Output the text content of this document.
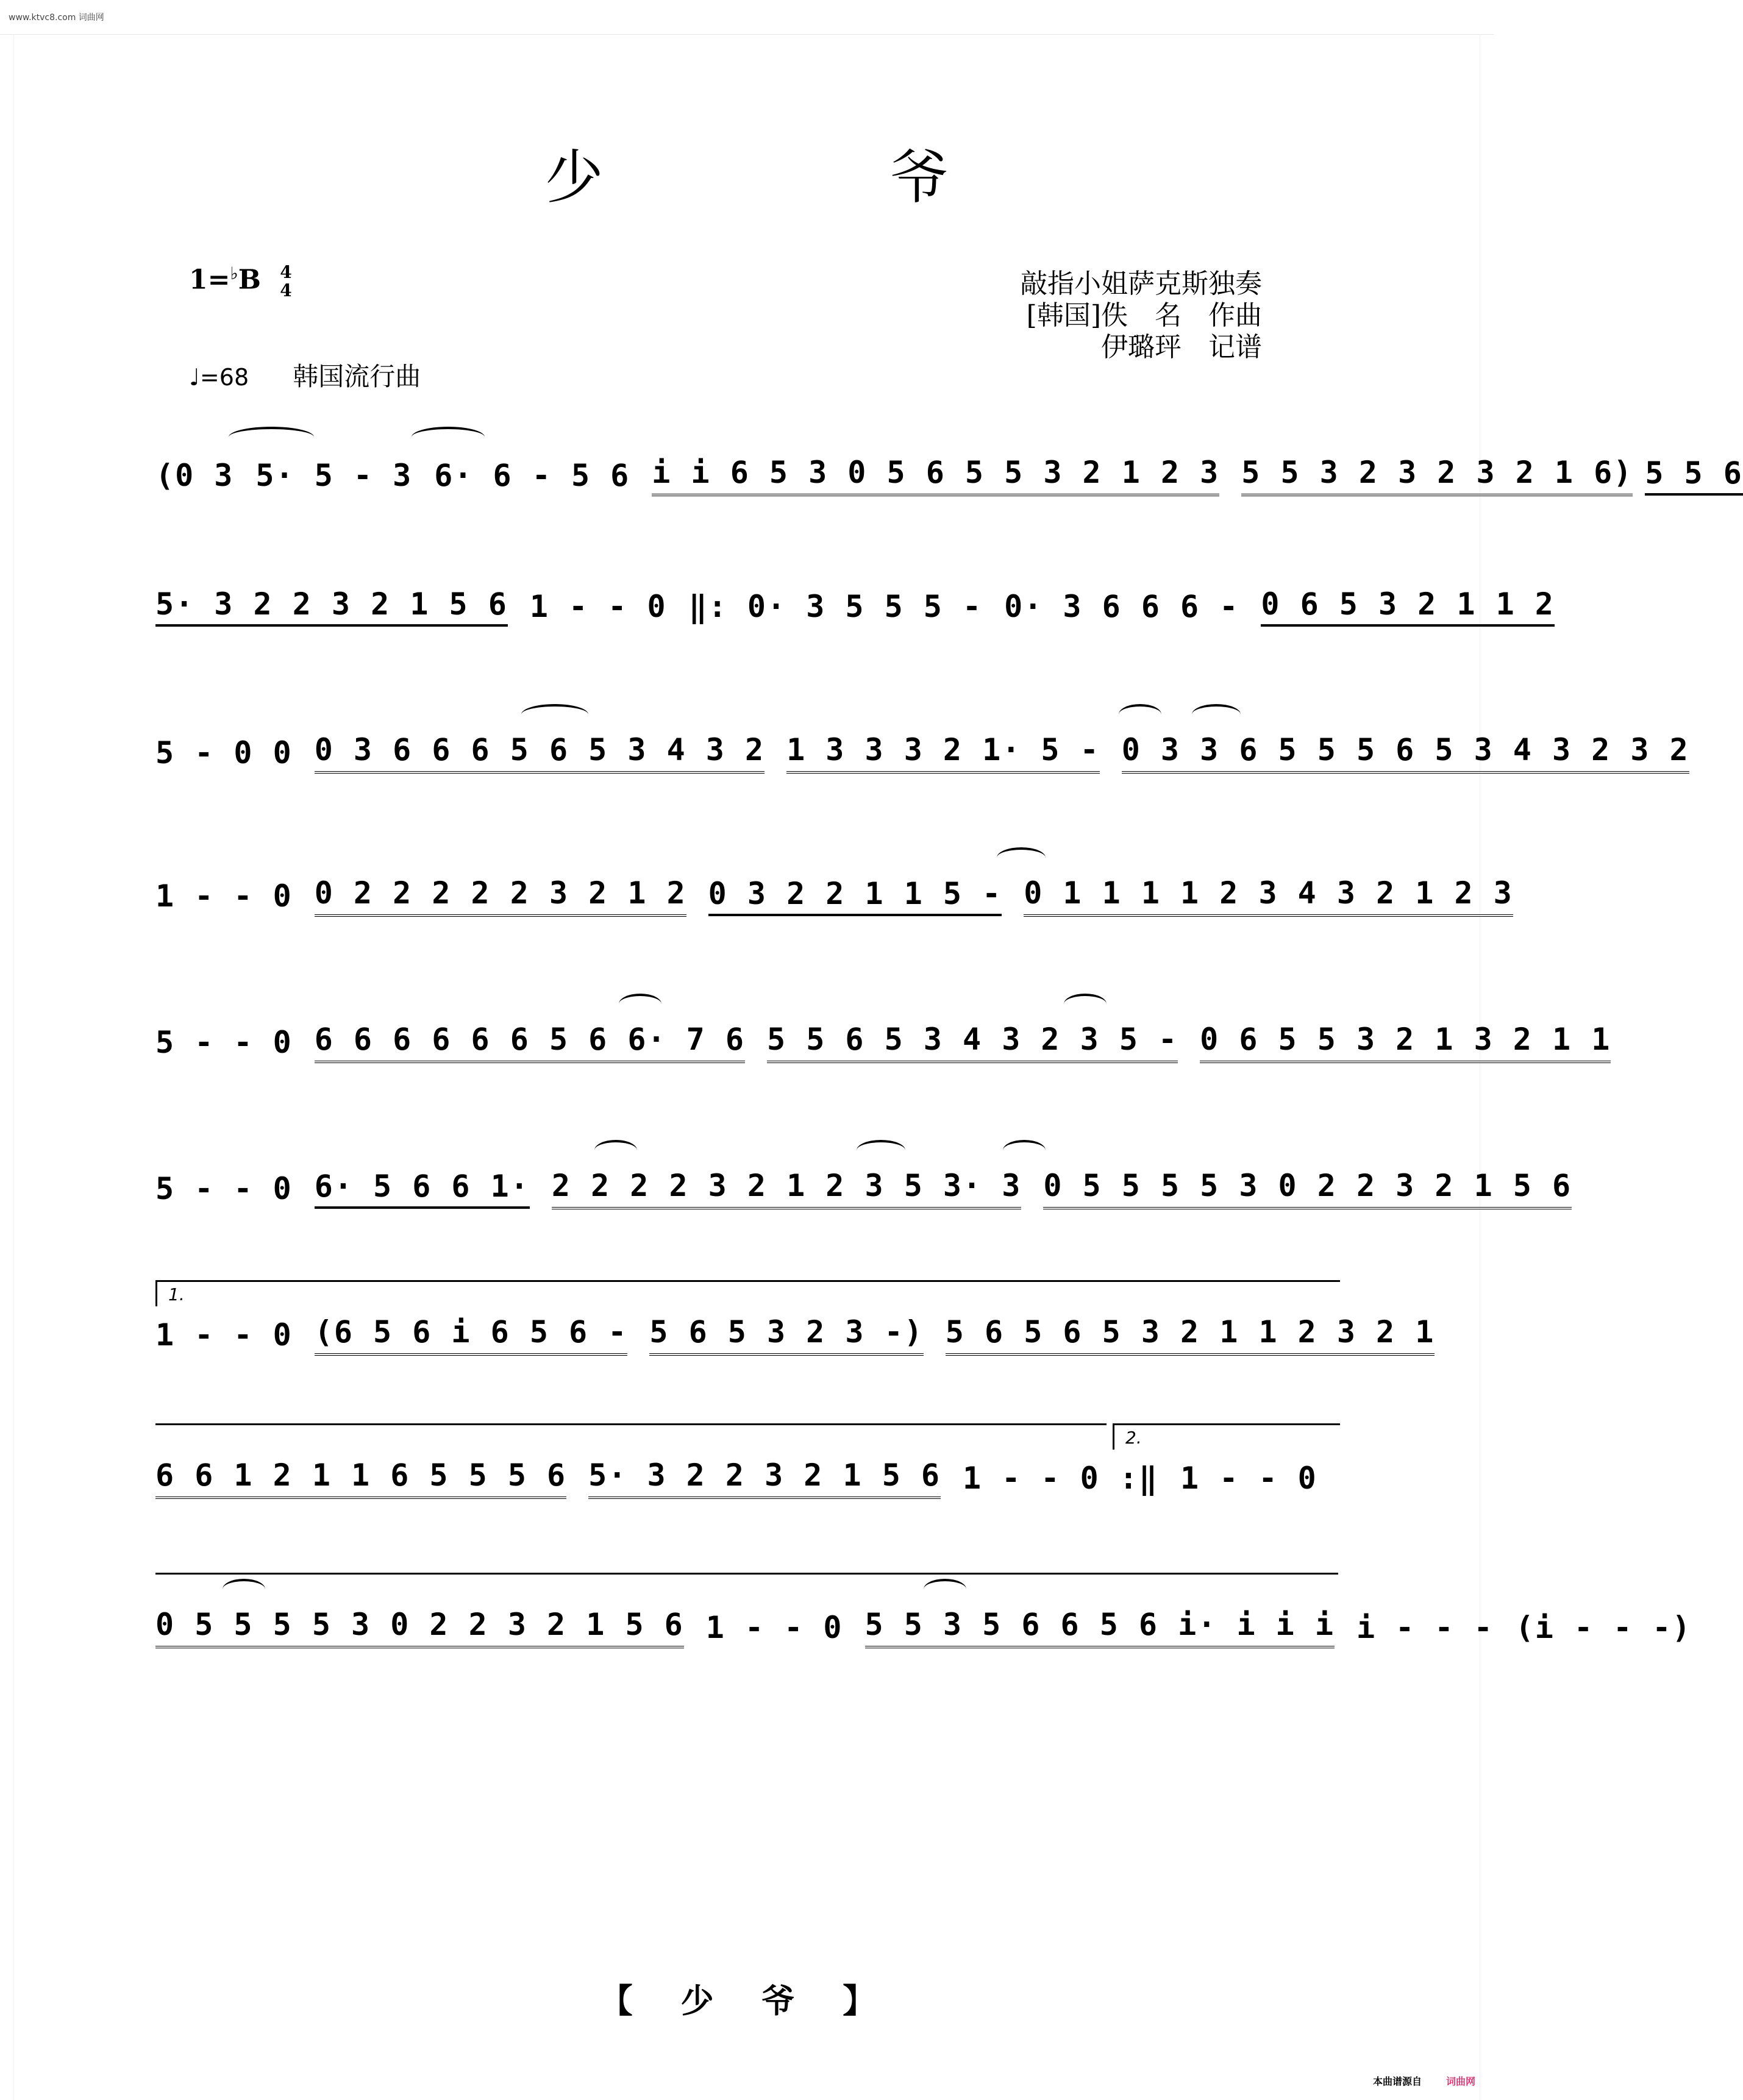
www.ktvc8.com 词曲网
少 爷
1=♭B 4
4
♩=68 韩国流行曲
敲指小姐萨克斯独奏
[韩国]佚　名　作曲
伊璐玶　记谱
(0 3 5· 5 - 3 6· 6 - 5 6 i i 6 5 3 0 5 6 5 5 3 2 1 2 3 5 5 3 2 3 2 3 2 1 6) 5 5 6
5· 3 2 2 3 2 1 5 6 1 - - 0 ‖: 0· 3 5 5 5 - 0· 3 6 6 6 - 0 6 5 3 2 1 1 2
5 - 0 0 0 3 6 6 6 5 6 5 3 4 3 2 1 3 3 3 2 1· 5 - 0 3 3 6 5 5 5 6 5 3 4 3 2 3 2
1 - - 0 0 2 2 2 2 2 3 2 1 2 0 3 2 2 1 1 5 - 0 1 1 1 1 2 3 4 3 2 1 2 3
5 - - 0 6 6 6 6 6 6 5 6 6· 7 6 5 5 6 5 3 4 3 2 3 5 - 0 6 5 5 3 2 1 3 2 1 1
5 - - 0 6· 5 6 6 1· 2 2 2 2 3 2 1 2 3 5 3· 3 0 5 5 5 5 3 0 2 2 3 2 1 5 6
1.
1 - - 0 (6 5 6 i 6 5 6 - 5 6 5 3 2 3 -) 5 6 5 6 5 3 2 1 1 2 3 2 1
2.
6 6 1 2 1 1 6 5 5 5 6 5· 3 2 2 3 2 1 5 6 1 - - 0 :‖ 1 - - 0
0 5 5 5 5 3 0 2 2 3 2 1 5 6 1 - - 0 5 5 3 5 6 6 5 6 i· i i i i - - - (i - - -)
【 少 爷 】
本曲谱源自	词曲网
